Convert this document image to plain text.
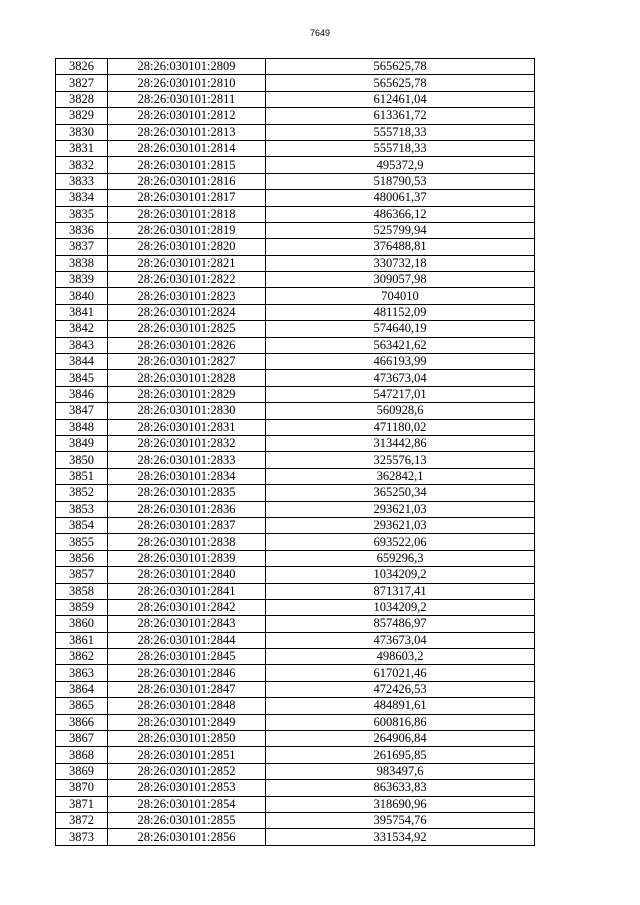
7649
3826	28:26:030101:2809	565625,78
3827	28:26:030101:2810	565625,78
3828	28:26:030101:2811	612461,04
3829	28:26:030101:2812	613361,72
3830	28:26:030101:2813	555718,33
3831	28:26:030101:2814	555718,33
3832	28:26:030101:2815	495372,9
3833	28:26:030101:2816	518790,53
3834	28:26:030101:2817	480061,37
3835	28:26:030101:2818	486366,12
3836	28:26:030101:2819	525799,94
3837	28:26:030101:2820	376488,81
3838	28:26:030101:2821	330732,18
3839	28:26:030101:2822	309057,98
3840	28:26:030101:2823	704010
3841	28:26:030101:2824	481152,09
3842	28:26:030101:2825	574640,19
3843	28:26:030101:2826	563421,62
3844	28:26:030101:2827	466193,99
3845	28:26:030101:2828	473673,04
3846	28:26:030101:2829	547217,01
3847	28:26:030101:2830	560928,6
3848	28:26:030101:2831	471180,02
3849	28:26:030101:2832	313442,86
3850	28:26:030101:2833	325576,13
3851	28:26:030101:2834	362842,1
3852	28:26:030101:2835	365250,34
3853	28:26:030101:2836	293621,03
3854	28:26:030101:2837	293621,03
3855	28:26:030101:2838	693522,06
3856	28:26:030101:2839	659296,3
3857	28:26:030101:2840	1034209,2
3858	28:26:030101:2841	871317,41
3859	28:26:030101:2842	1034209,2
3860	28:26:030101:2843	857486,97
3861	28:26:030101:2844	473673,04
3862	28:26:030101:2845	498603,2
3863	28:26:030101:2846	617021,46
3864	28:26:030101:2847	472426,53
3865	28:26:030101:2848	484891,61
3866	28:26:030101:2849	600816,86
3867	28:26:030101:2850	264906,84
3868	28:26:030101:2851	261695,85
3869	28:26:030101:2852	983497,6
3870	28:26:030101:2853	863633,83
3871	28:26:030101:2854	318690,96
3872	28:26:030101:2855	395754,76
3873	28:26:030101:2856	331534,92
